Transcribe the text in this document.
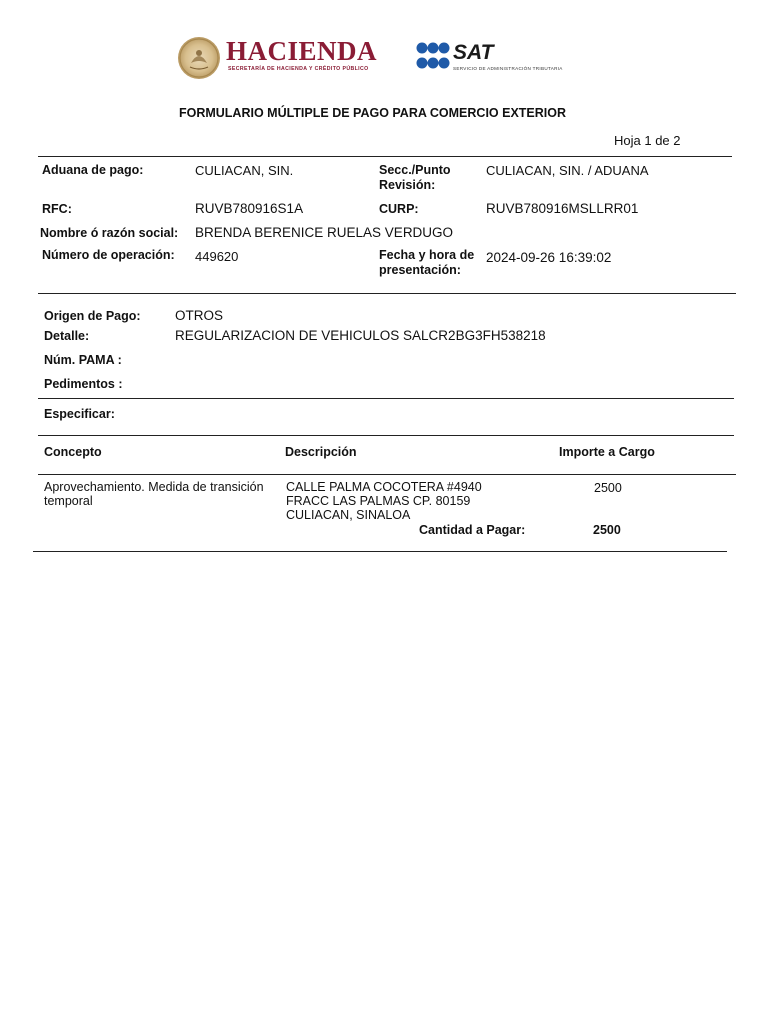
HACIENDA
SECRETARÍA DE HACIENDA Y CRÉDITO PÚBLICO
SAT
SERVICIO DE ADMINISTRACIÓN TRIBUTARIA
FORMULARIO MÚLTIPLE DE PAGO PARA COMERCIO EXTERIOR
Hoja 1 de 2
Aduana de pago:	CULIACAN, SIN.	Secc./Punto
Revisión:
CULIACAN, SIN. / ADUANA
RFC:	RUVB780916S1A	CURP:	RUVB780916MSLLRR01
Nombre ó razón social: BRENDA BERENICE RUELAS VERDUGO
Número de operación: 449620	Fecha y hora de
presentación:
2024-09-26 16:39:02
Origen de Pago:	OTROS
Detalle:	REGULARIZACION DE VEHICULOS SALCR2BG3FH538218
Núm. PAMA :
Pedimentos :
Especificar:
Concepto	Descripción	Importe a Cargo
Aprovechamiento. Medida de transición
temporal
CALLE PALMA COCOTERA #4940
FRACC LAS PALMAS CP. 80159
CULIACAN, SINALOA
2500
Cantidad a Pagar:	2500
